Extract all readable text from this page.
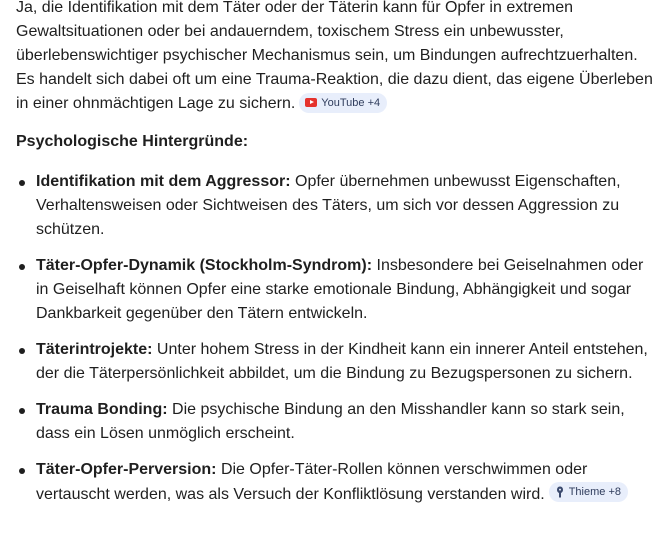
Ja, die Identifikation mit dem Täter oder der Täterin kann für Opfer in extremen Gewaltsituationen oder bei andauerndem, toxischem Stress ein unbewusster, überlebenswichtiger psychischer Mechanismus sein, um Bindungen aufrechtzuerhalten. Es handelt sich dabei oft um eine Trauma-Reaktion, die dazu dient, das eigene Überleben in einer ohnmächtigen Lage zu sichern. YouTube +4

Psychologische Hintergründe:

Identifikation mit dem Aggressor: Opfer übernehmen unbewusst Eigenschaften, Verhaltensweisen oder Sichtweisen des Täters, um sich vor dessen Aggression zu schützen.
Täter-Opfer-Dynamik (Stockholm-Syndrom): Insbesondere bei Geiselnahmen oder in Geiselhaft können Opfer eine starke emotionale Bindung, Abhängigkeit und sogar Dankbarkeit gegenüber den Tätern entwickeln.
Täterintrojekte: Unter hohem Stress in der Kindheit kann ein innerer Anteil entstehen, der die Täterpersönlichkeit abbildet, um die Bindung zu Bezugspersonen zu sichern.
Trauma Bonding: Die psychische Bindung an den Misshandler kann so stark sein, dass ein Lösen unmöglich erscheint.
Täter-Opfer-Perversion: Die Opfer-Täter-Rollen können verschwimmen oder vertauscht werden, was als Versuch der Konfliktlösung verstanden wird. Thieme +8
